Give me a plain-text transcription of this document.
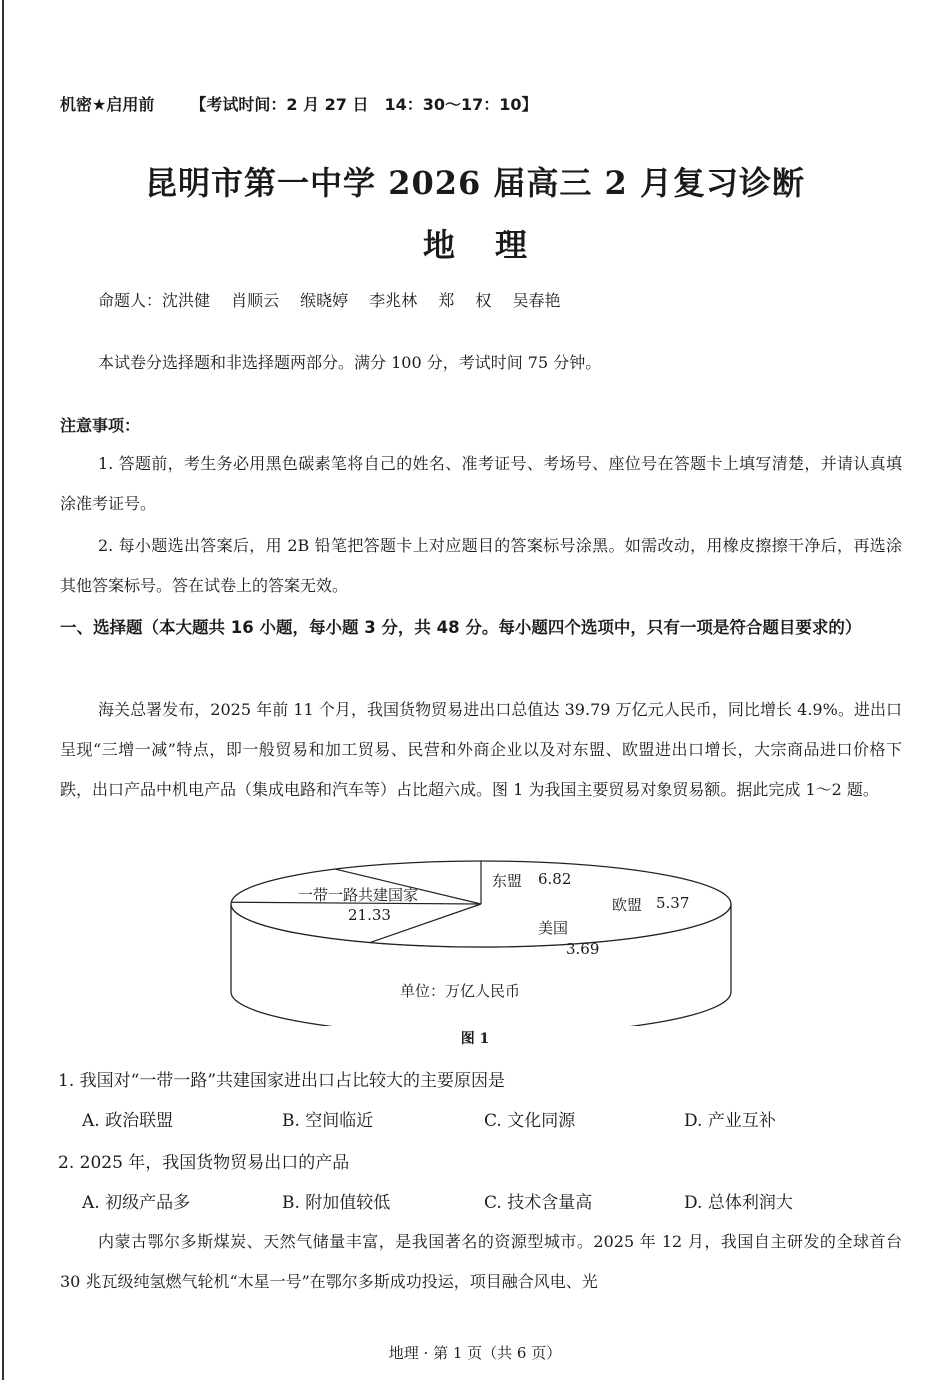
机密★启用前 【考试时间：2 月 27 日　14：30～17：10】
昆明市第一中学 2026 届高三 2 月复习诊断
地理
命题人：沈洪健　 肖顺云　 缑晓婷　 李兆林　 郑　 权　 吴春艳
本试卷分选择题和非选择题两部分。满分 100 分，考试时间 75 分钟。
注意事项：
1. 答题前，考生务必用黑色碳素笔将自己的姓名、准考证号、考场号、座位号在答题卡上填写清楚，并请认真填涂准考证号。
2. 每小题选出答案后，用 2B 铅笔把答题卡上对应题目的答案标号涂黑。如需改动，用橡皮擦擦干净后，再选涂其他答案标号。答在试卷上的答案无效。
一、选择题（本大题共 16 小题，每小题 3 分，共 48 分。每小题四个选项中，只有一项是符合题目要求的）
海关总署发布，2025 年前 11 个月，我国货物贸易进出口总值达 39.79 万亿元人民币，同比增长 4.9%。进出口呈现“三增一减”特点，即一般贸易和加工贸易、民营和外商企业以及对东盟、欧盟进出口增长，大宗商品进口价格下跌，出口产品中机电产品（集成电路和汽车等）占比超六成。图 1 为我国主要贸易对象贸易额。据此完成 1～2 题。
一带一路共建国家
21.33
东盟 6.82
欧盟 5.37
美国
3.69
单位：万亿人民币
图 1
1. 我国对“一带一路”共建国家进出口占比较大的主要原因是
A. 政治联盟	B. 空间临近	C. 文化同源	D. 产业互补
2. 2025 年，我国货物贸易出口的产品
A. 初级产品多	B. 附加值较低	C. 技术含量高	D. 总体利润大
内蒙古鄂尔多斯煤炭、天然气储量丰富，是我国著名的资源型城市。2025 年 12 月，我国自主研发的全球首台 30 兆瓦级纯氢燃气轮机“木星一号”在鄂尔多斯成功投运，项目融合风电、光
地理 · 第 1 页（共 6 页）
